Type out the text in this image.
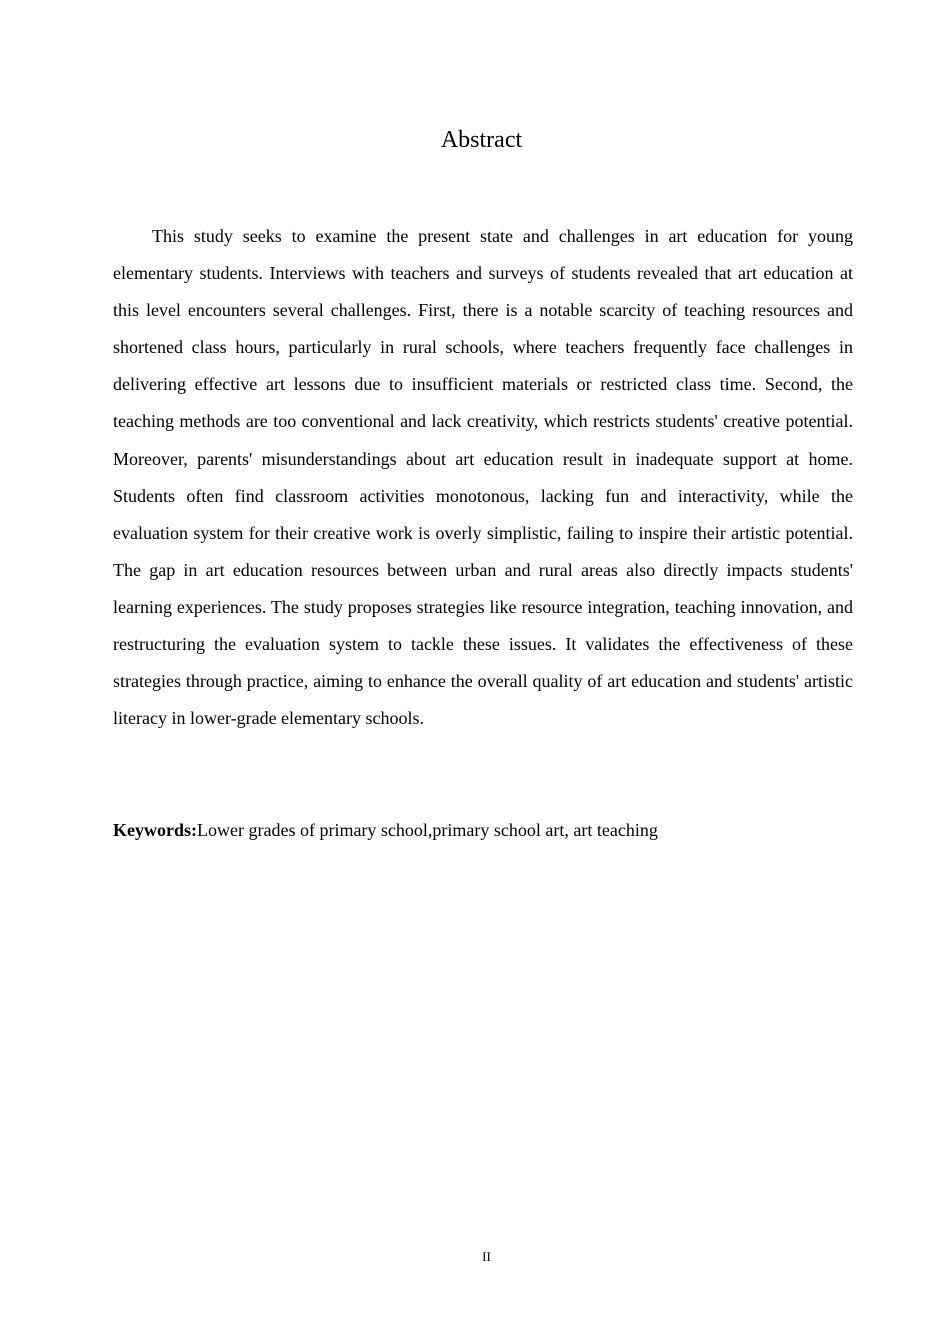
Abstract

This study seeks to examine the present state and challenges in art education for young elementary students. Interviews with teachers and surveys of students revealed that art education at this level encounters several challenges. First, there is a notable scarcity of teaching resources and shortened class hours, particularly in rural schools, where teachers frequently face challenges in delivering effective art lessons due to insufficient materials or restricted class time. Second, the teaching methods are too conventional and lack creativity, which restricts students' creative potential. Moreover, parents' misunderstandings about art education result in inadequate support at home. Students often find classroom activities monotonous, lacking fun and interactivity, while the evaluation system for their creative work is overly simplistic, failing to inspire their artistic potential. The gap in art education resources between urban and rural areas also directly impacts students' learning experiences. The study proposes strategies like resource integration, teaching innovation, and restructuring the evaluation system to tackle these issues. It validates the effectiveness of these strategies through practice, aiming to enhance the overall quality of art education and students' artistic literacy in lower-grade elementary schools.

Keywords:Lower grades of primary school,primary school art, art teaching

II
